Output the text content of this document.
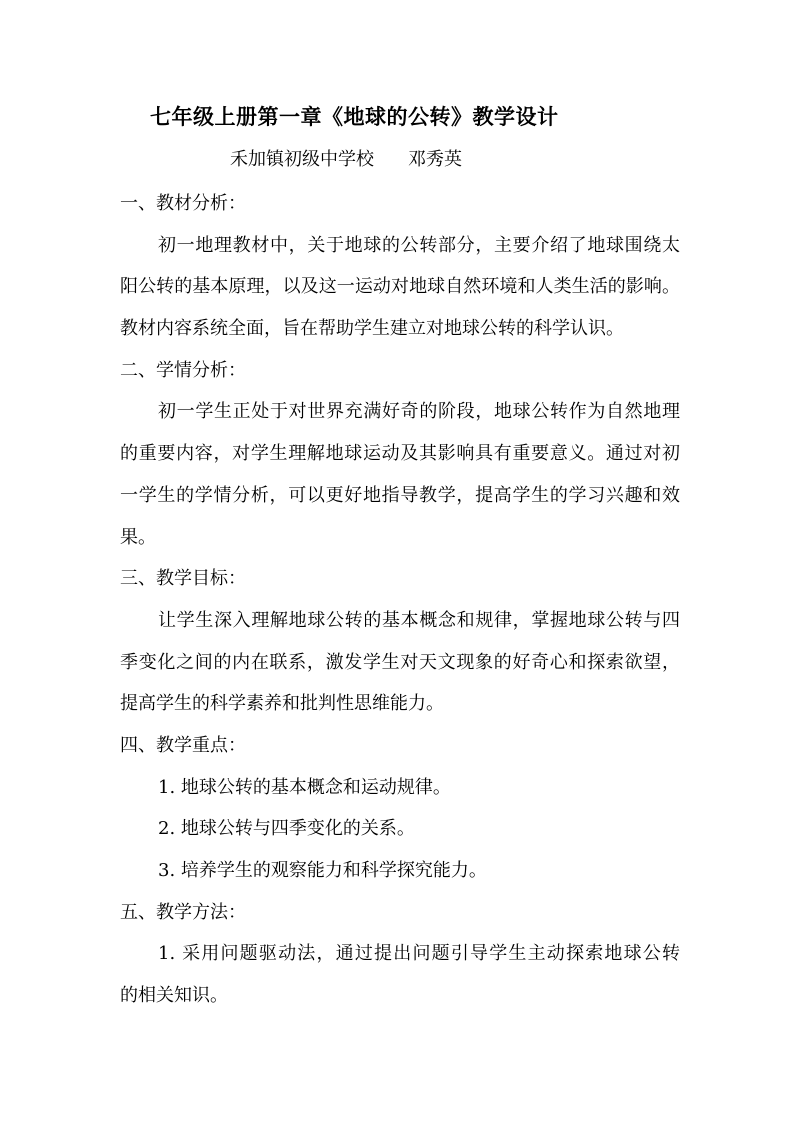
七年级上册第一章《地球的公转》教学设计
禾加镇初级中学校 邓秀英
一、教材分析：
初一地理教材中，关于地球的公转部分，主要介绍了地球围绕太
阳公转的基本原理，以及这一运动对地球自然环境和人类生活的影响。
教材内容系统全面，旨在帮助学生建立对地球公转的科学认识。
二、学情分析：
初一学生正处于对世界充满好奇的阶段，地球公转作为自然地理
的重要内容，对学生理解地球运动及其影响具有重要意义。通过对初
一学生的学情分析，可以更好地指导教学，提高学生的学习兴趣和效
果。
三、教学目标：
让学生深入理解地球公转的基本概念和规律，掌握地球公转与四
季变化之间的内在联系，激发学生对天文现象的好奇心和探索欲望，
提高学生的科学素养和批判性思维能力。
四、教学重点：
1. 地球公转的基本概念和运动规律。
2. 地球公转与四季变化的关系。
3. 培养学生的观察能力和科学探究能力。
五、教学方法：
1. 采用问题驱动法，通过提出问题引导学生主动探索地球公转
的相关知识。
